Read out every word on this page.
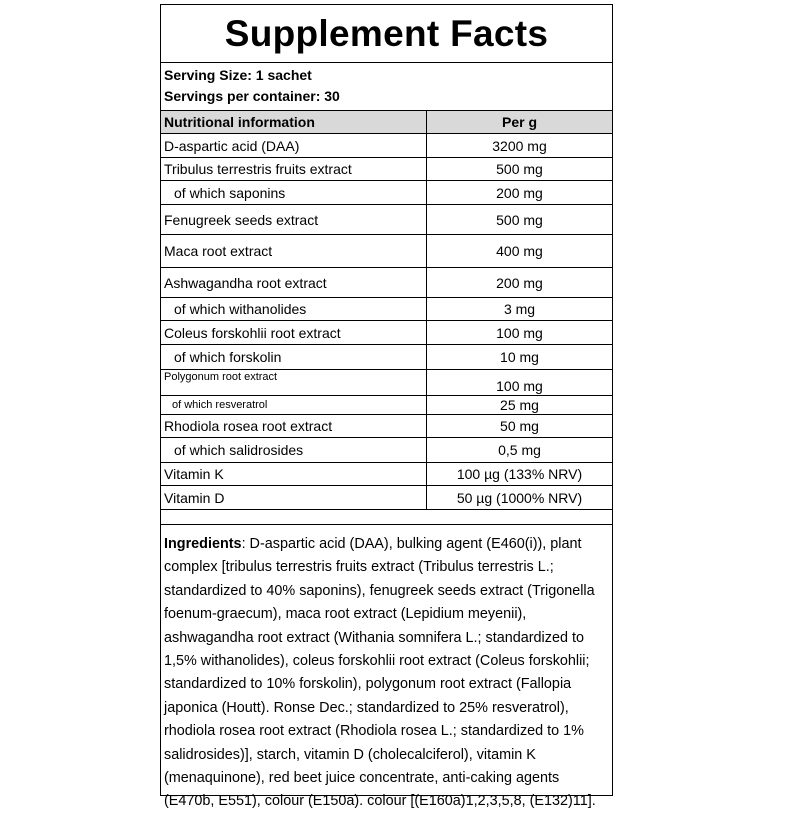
Supplement Facts
Serving Size: 1 sachet
Servings per container: 30
Nutritional information	Per g
D-aspartic acid (DAA)	3200 mg
Tribulus terrestris fruits extract	500 mg
of which saponins	200 mg
Fenugreek seeds extract	500 mg
Maca root extract	400 mg
Ashwagandha root extract	200 mg
of which withanolides	3 mg
Coleus forskohlii root extract	100 mg
of which forskolin	10 mg
Polygonum root extract	100 mg
of which resveratrol	25 mg
Rhodiola rosea root extract	50 mg
of which salidrosides	0,5 mg
Vitamin K	100 µg (133% NRV)
Vitamin D	50 µg (1000% NRV)
Ingredients: D-aspartic acid (DAA), bulking agent (E460(i)), plant complex [tribulus terrestris fruits extract (Tribulus terrestris L.; standardized to 40% saponins), fenugreek seeds extract (Trigonella foenum-graecum), maca root extract (Lepidium meyenii), ashwagandha root extract (Withania somnifera L.; standardized to 1,5% withanolides), coleus forskohlii root extract (Coleus forskohlii; standardized to 10% forskolin), polygonum root extract (Fallopia japonica (Houtt). Ronse Dec.; standardized to 25% resveratrol), rhodiola rosea root extract (Rhodiola rosea L.; standardized to 1% salidrosides)], starch, vitamin D (cholecalciferol), vitamin K (menaquinone), red beet juice concentrate, anti-caking agents (E470b, E551), colour (E150a). colour [(E160a)1,2,3,5,8, (E132)11].
